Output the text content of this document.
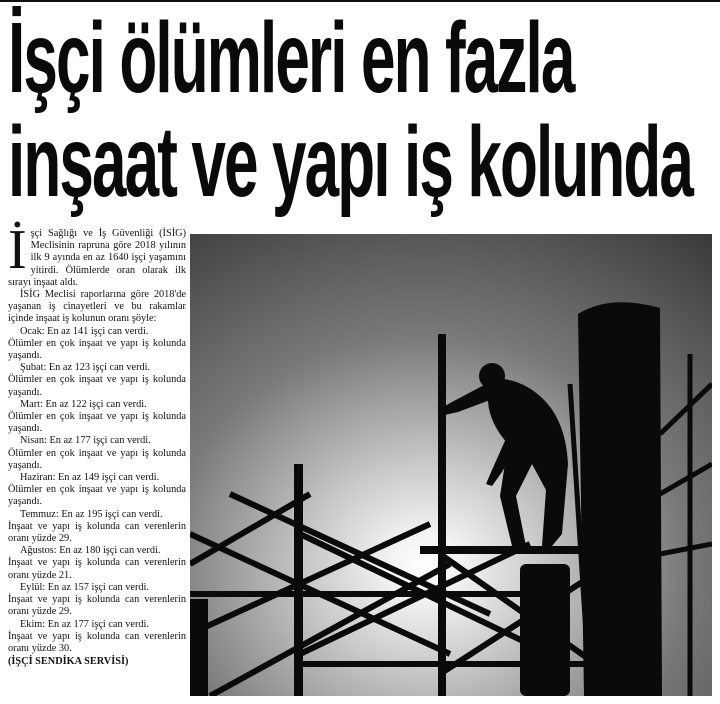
İşçi ölümleri en fazla
inşaat ve yapı iş kolunda

İşçi Sağlığı ve İş Güvenliği (İSİG) Meclisinin rapruna göre 2018 yılının ilk 9 ayında en az 1640 işçi yaşamını yitirdi. Ölümlerde oran olarak ilk sırayı inşaat aldı.

İSİG Meclisi raporlarına göre 2018'de yaşanan iş cinayetleri ve bu rakamlar içinde inşaat iş kolunun oranı şöyle:

Ocak: En az 141 işçi can verdi.

Ölümler en çok inşaat ve yapı iş kolunda yaşandı.

Şubat: En az 123 işçi can verdi.

Ölümler en çok inşaat ve yapı iş kolunda yaşandı.

Mart: En az 122 işçi can verdi.

Ölümler en çok inşaat ve yapı iş kolunda yaşandı.

Nisan: En az 177 işçi can verdi.

Ölümler en çok inşaat ve yapı iş kolunda yaşandı.

Haziran: En az 149 işçi can verdi.

Ölümler en çok inşaat ve yapı iş kolunda yaşandı.

Temmuz: En az 195 işçi can verdi.

İnşaat ve yapı iş kolunda can verenlerin oranı yüzde 29.

Ağustos: En az 180 işçi can verdi.

İnşaat ve yapı iş kolunda can verenlerin oranı yüzde 21.

Eylül: En az 157 işçi can verdi.

İnşaat ve yapı iş kolunda can verenlerin oranı yüzde 29.

Ekim: En az 177 işçi can verdi.

İnşaat ve yapı iş kolunda can verenlerin oranı yüzde 30.

(İŞÇİ SENDİKA SERVİSİ)
